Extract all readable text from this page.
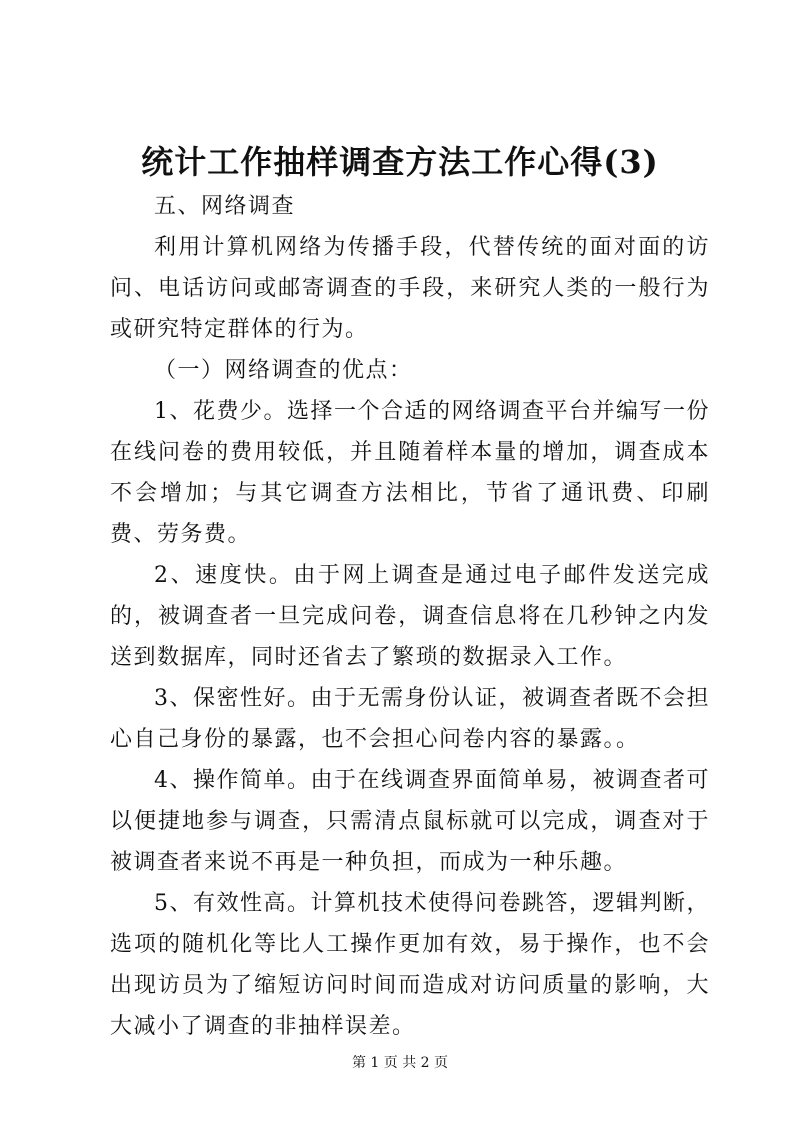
统计工作抽样调查方法工作心得(3)

五、网络调查

利用计算机网络为传播手段，代替传统的面对面的访问、电话访问或邮寄调查的手段，来研究人类的一般行为或研究特定群体的行为。

（一）网络调查的优点：

1、花费少。选择一个合适的网络调查平台并编写一份在线问卷的费用较低，并且随着样本量的增加，调查成本不会增加；与其它调查方法相比，节省了通讯费、印刷费、劳务费。

2、速度快。由于网上调查是通过电子邮件发送完成的，被调查者一旦完成问卷，调查信息将在几秒钟之内发送到数据库，同时还省去了繁琐的数据录入工作。

3、保密性好。由于无需身份认证，被调查者既不会担心自己身份的暴露，也不会担心问卷内容的暴露。。

4、操作简单。由于在线调查界面简单易，被调查者可以便捷地参与调查，只需清点鼠标就可以完成，调查对于被调查者来说不再是一种负担，而成为一种乐趣。

5、有效性高。计算机技术使得问卷跳答，逻辑判断，选项的随机化等比人工操作更加有效，易于操作，也不会出现访员为了缩短访问时间而造成对访问质量的影响，大大减小了调查的非抽样误差。

第 1 页 共 2 页
